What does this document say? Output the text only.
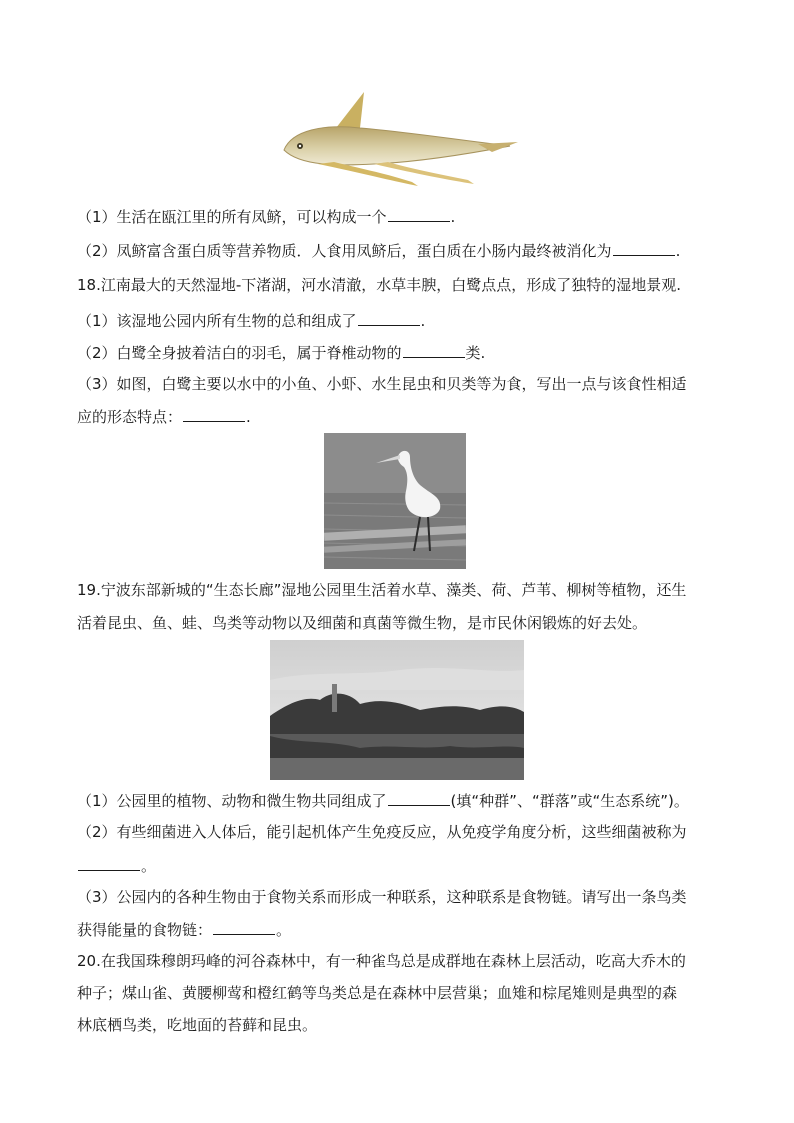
（1）生活在瓯江里的所有凤鲚，可以构成一个	.
（2）凤鲚富含蛋白质等营养物质．人食用凤鲚后，蛋白质在小肠内最终被消化为	.
18.江南最大的天然湿地-下渚湖，河水清澈，水草丰腴，白鹭点点，形成了独特的湿地景观.
（1）该湿地公园内所有生物的总和组成了	.
（2）白鹭全身披着洁白的羽毛，属于脊椎动物的	类.
（3）如图，白鹭主要以水中的小鱼、小虾、水生昆虫和贝类等为食，写出一点与该食性相适
应的形态特点：	.
19.宁波东部新城的“生态长廊”湿地公园里生活着水草、藻类、荷、芦苇、柳树等植物，还生
活着昆虫、鱼、蛙、鸟类等动物以及细菌和真菌等微生物，是市民休闲锻炼的好去处。
（1）公园里的植物、动物和微生物共同组成了	(填“种群”、“群落”或“生态系统”)。
（2）有些细菌进入人体后，能引起机体产生免疫反应，从免疫学角度分析，这些细菌被称为
。
（3）公园内的各种生物由于食物关系而形成一种联系，这种联系是食物链。请写出一条鸟类
获得能量的食物链：	。
20.在我国珠穆朗玛峰的河谷森林中，有一种雀鸟总是成群地在森林上层活动，吃高大乔木的
种子；煤山雀、黄腰柳莺和橙红鹤等鸟类总是在森林中层营巢；血雉和棕尾雉则是典型的森
林底栖鸟类，吃地面的苔藓和昆虫。
